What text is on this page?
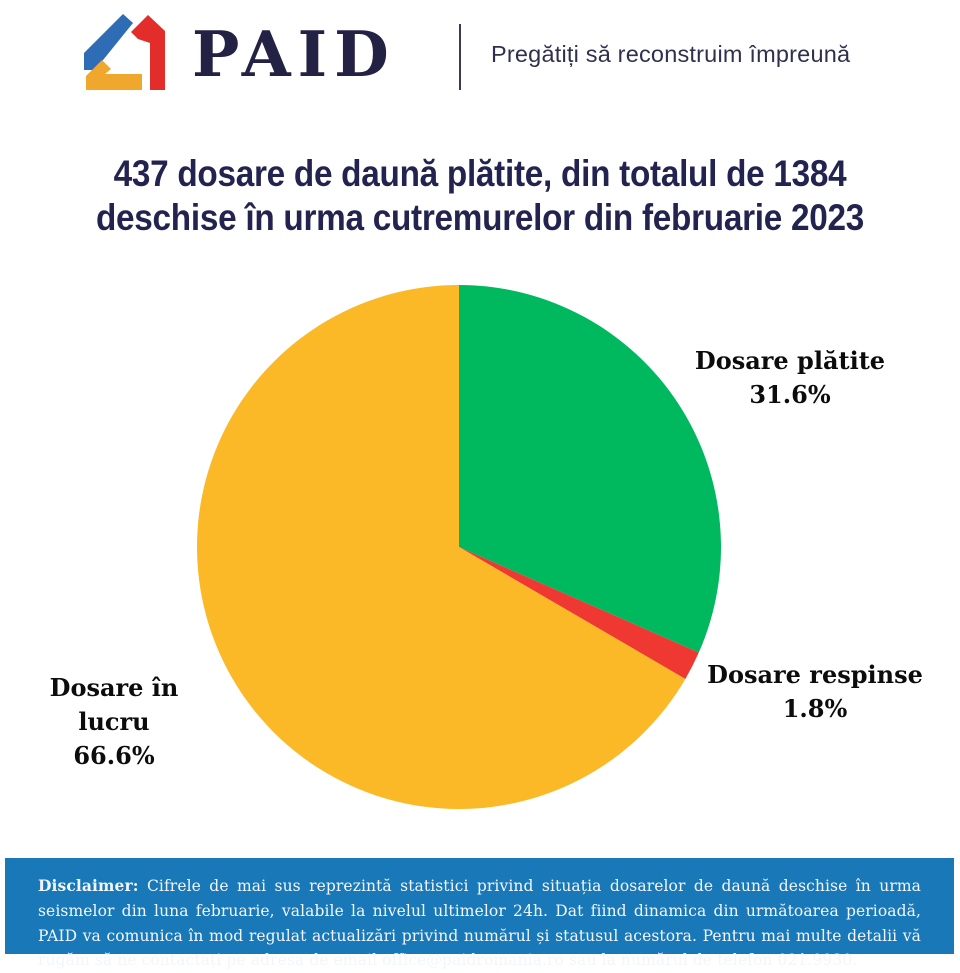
PAID	Pregătiți să reconstruim împreună
437 dosare de daună plătite, din totalul de 1384
deschise în urma cutremurelor din februarie 2023
Dosare plătite
31.6%
Dosare respinse
1.8%
Dosare în lucru
66.6%

Disclaimer: Cifrele de mai sus reprezintă statistici privind situația dosarelor de daună deschise în urma seismelor din luna februarie, valabile la nivelul ultimelor 24h. Dat fiind dinamica din următoarea perioadă, PAID va comunica în mod regulat actualizări privind numărul și statusul acestora. Pentru mai multe detalii vă rugăm să ne contactați pe adresa de email office@paidromania.ro sau la numărul de telefon 021.9930.
